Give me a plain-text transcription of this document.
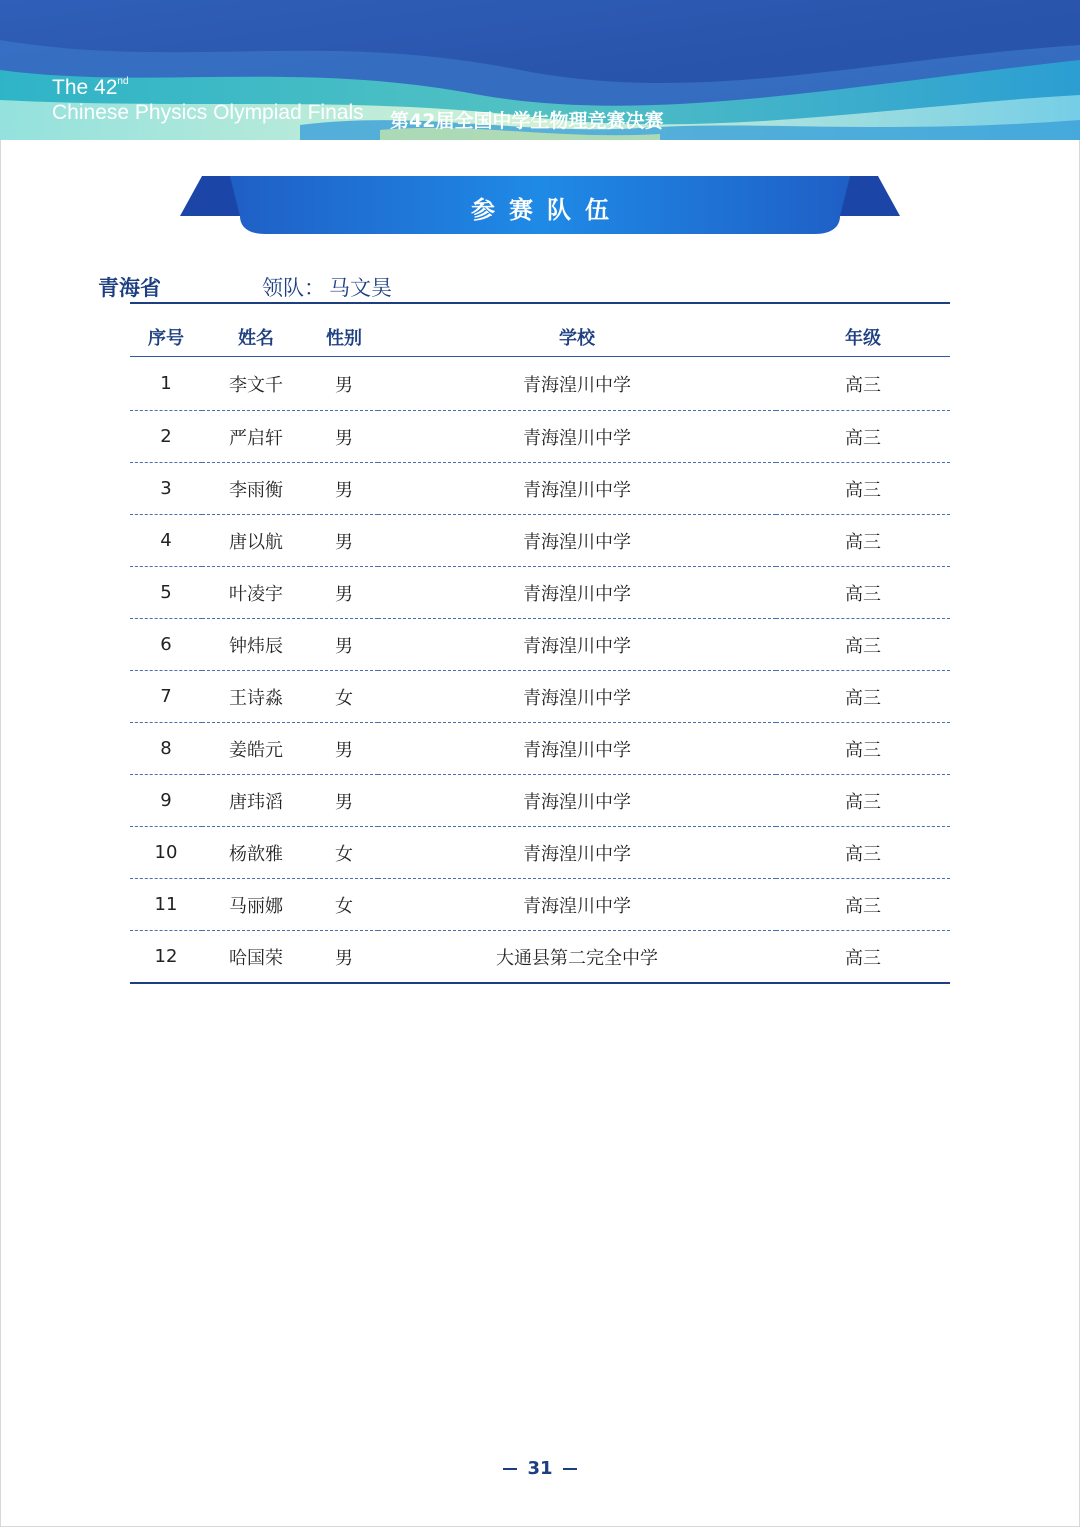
The 42nd
Chinese Physics Olympiad Finals 第42届全国中学生物理竞赛决赛
参赛队伍
青海省	领队： 马文昊
序号	姓名	性别	学校	年级
1	李文千	男	青海湟川中学	高三
2	严启轩	男	青海湟川中学	高三
3	李雨衡	男	青海湟川中学	高三
4	唐以航	男	青海湟川中学	高三
5	叶凌宇	男	青海湟川中学	高三
6	钟炜辰	男	青海湟川中学	高三
7	王诗淼	女	青海湟川中学	高三
8	姜皓元	男	青海湟川中学	高三
9	唐玮滔	男	青海湟川中学	高三
10	杨歆雅	女	青海湟川中学	高三
11	马丽娜	女	青海湟川中学	高三
12	哈国荣	男	大通县第二完全中学	高三
31
